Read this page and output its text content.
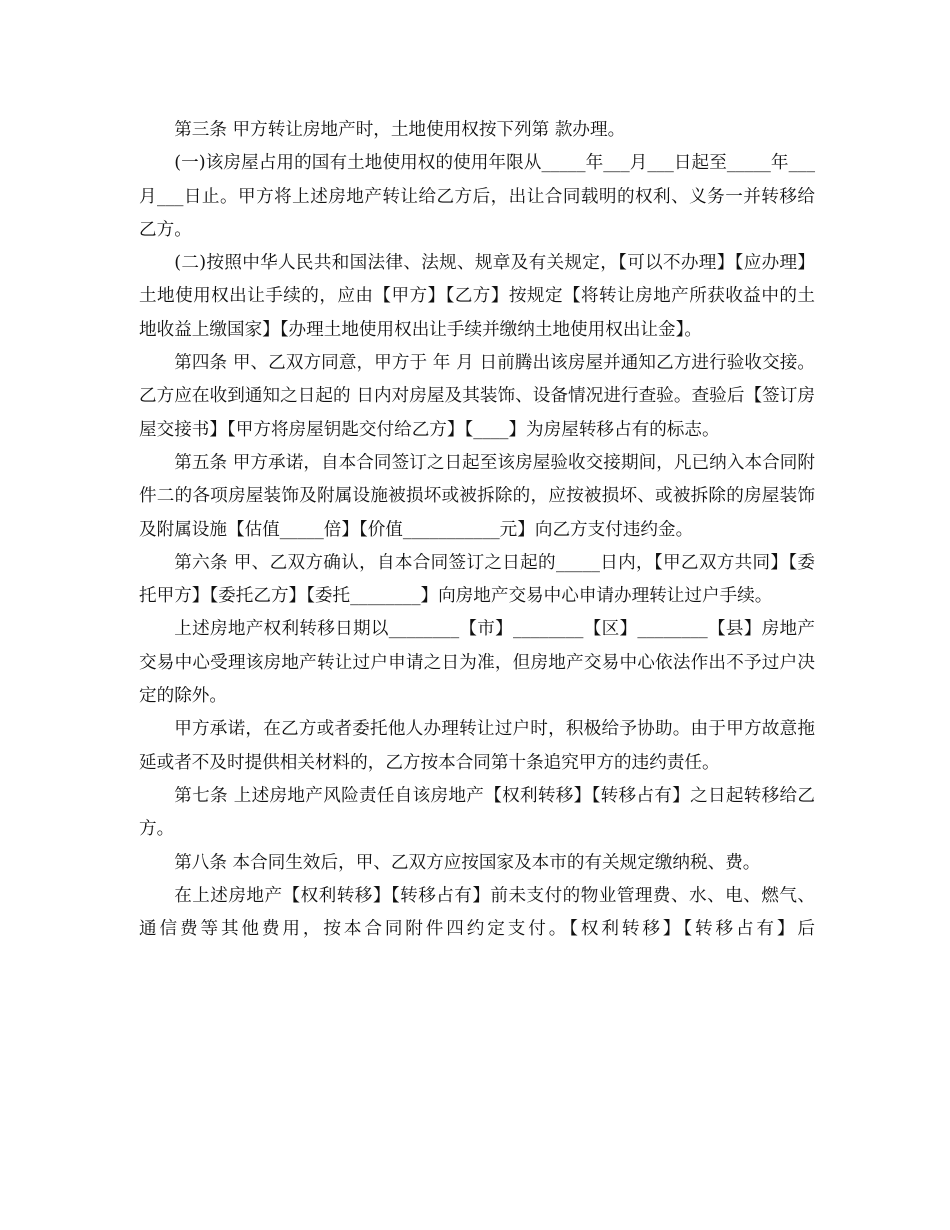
第三条 甲方转让房地产时，土地使用权按下列第 款办理。

(一)该房屋占用的国有土地使用权的使用年限从_____年___月___日起至_____年___月___日止。甲方将上述房地产转让给乙方后，出让合同载明的权利、义务一并转移给乙方。

(二)按照中华人民共和国法律、法规、规章及有关规定，【可以不办理】【应办理】土地使用权出让手续的，应由【甲方】【乙方】按规定【将转让房地产所获收益中的土地收益上缴国家】【办理土地使用权出让手续并缴纳土地使用权出让金】。

第四条 甲、乙双方同意，甲方于 年 月 日前腾出该房屋并通知乙方进行验收交接。乙方应在收到通知之日起的 日内对房屋及其装饰、设备情况进行查验。查验后【签订房屋交接书】【甲方将房屋钥匙交付给乙方】【____】为房屋转移占有的标志。

第五条 甲方承诺，自本合同签订之日起至该房屋验收交接期间，凡已纳入本合同附件二的各项房屋装饰及附属设施被损坏或被拆除的，应按被损坏、或被拆除的房屋装饰及附属设施【估值_____倍】【价值___________元】向乙方支付违约金。

第六条 甲、乙双方确认，自本合同签订之日起的_____日内，【甲乙双方共同】【委托甲方】【委托乙方】【委托________】向房地产交易中心申请办理转让过户手续。

上述房地产权利转移日期以________【市】________【区】________【县】房地产交易中心受理该房地产转让过户申请之日为准，但房地产交易中心依法作出不予过户决定的除外。

甲方承诺，在乙方或者委托他人办理转让过户时，积极给予协助。由于甲方故意拖延或者不及时提供相关材料的，乙方按本合同第十条追究甲方的违约责任。

第七条 上述房地产风险责任自该房地产【权利转移】【转移占有】之日起转移给乙方。

第八条 本合同生效后，甲、乙双方应按国家及本市的有关规定缴纳税、费。

在上述房地产【权利转移】【转移占有】前未支付的物业管理费、水、电、燃气、通信费等其他费用，按本合同附件四约定支付。【权利转移】【转移占有】后
